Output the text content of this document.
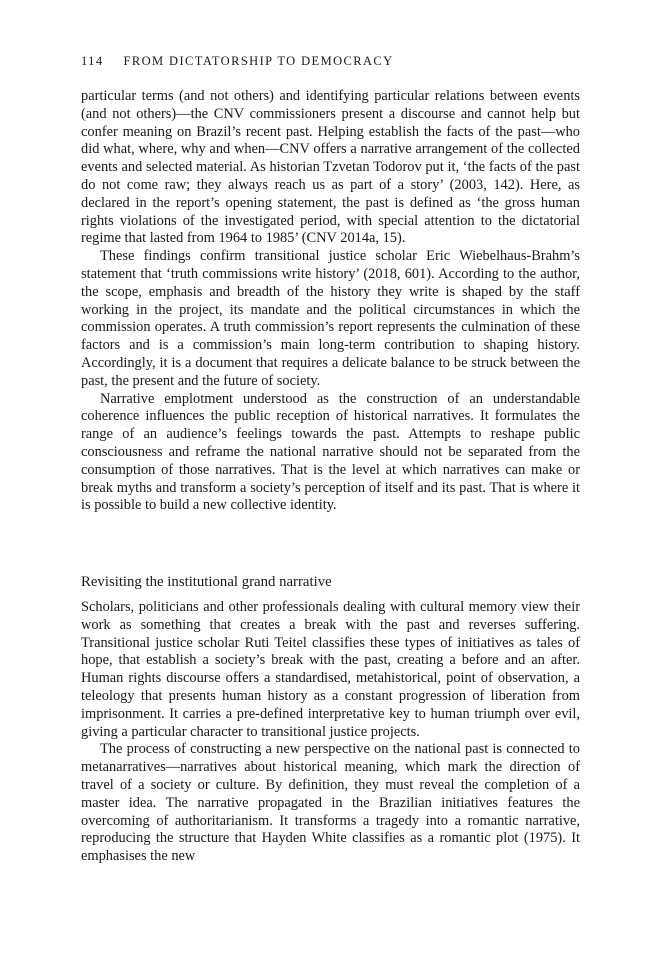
114 FROM DICTATORSHIP TO DEMOCRACY

particular terms (and not others) and identifying particular relations between events (and not others)—the CNV commissioners present a discourse and cannot help but confer meaning on Brazil’s recent past. Helping establish the facts of the past—who did what, where, why and when—CNV offers a narrative arrangement of the collected events and selected material. As historian Tzvetan Todorov put it, ‘the facts of the past do not come raw; they always reach us as part of a story’ (2003, 142). Here, as declared in the report’s opening statement, the past is defined as ‘the gross human rights violations of the investigated period, with special attention to the dictatorial regime that lasted from 1964 to 1985’ (CNV 2014a, 15).

These findings confirm transitional justice scholar Eric Wiebelhaus-Brahm’s statement that ‘truth commissions write history’ (2018, 601). According to the author, the scope, emphasis and breadth of the history they write is shaped by the staff working in the project, its mandate and the political circumstances in which the commission operates. A truth commission’s report represents the culmination of these factors and is a commission’s main long-term contribution to shaping history. Accordingly, it is a document that requires a delicate balance to be struck between the past, the present and the future of society.

Narrative emplotment understood as the construction of an understandable coherence influences the public reception of historical narratives. It formulates the range of an audience’s feelings towards the past. Attempts to reshape public consciousness and reframe the national narrative should not be separated from the consumption of those narratives. That is the level at which narratives can make or break myths and transform a society’s perception of itself and its past. That is where it is possible to build a new collective identity.

Revisiting the institutional grand narrative

Scholars, politicians and other professionals dealing with cultural memory view their work as something that creates a break with the past and reverses suffering. Transitional justice scholar Ruti Teitel classifies these types of initiatives as tales of hope, that establish a society’s break with the past, creating a before and an after. Human rights discourse offers a standardised, metahistorical, point of observation, a teleology that presents human history as a constant progression of liberation from imprisonment. It carries a pre-defined interpretative key to human triumph over evil, giving a particular character to transitional justice projects.

The process of constructing a new perspective on the national past is connected to metanarratives—narratives about historical meaning, which mark the direction of travel of a society or culture. By definition, they must reveal the completion of a master idea. The narrative propagated in the Brazilian initiatives features the overcoming of authoritarianism. It transforms a tragedy into a romantic narrative, reproducing the structure that Hayden White classifies as a romantic plot (1975). It emphasises the new
